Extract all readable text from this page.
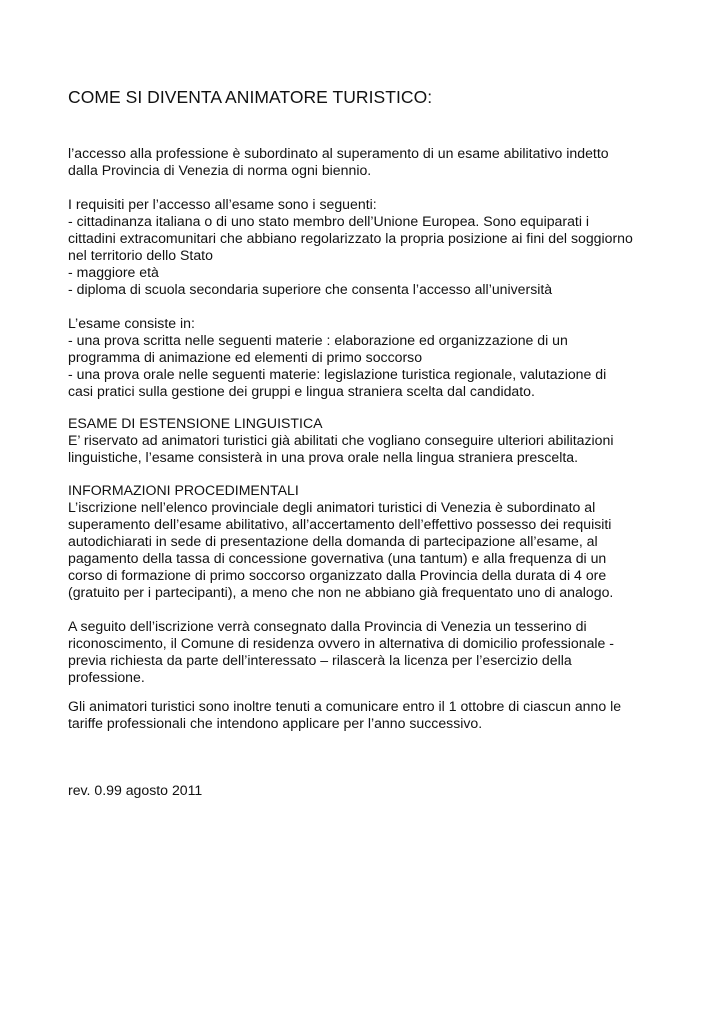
COME SI DIVENTA ANIMATORE TURISTICO:
l’accesso alla professione è subordinato al superamento di un esame abilitativo indetto
dalla Provincia di Venezia di norma ogni biennio.
I requisiti per l’accesso all’esame sono i seguenti:
- cittadinanza italiana o di uno stato membro dell’Unione Europea. Sono equiparati i
cittadini extracomunitari che abbiano regolarizzato la propria posizione ai fini del soggiorno
nel territorio dello Stato
- maggiore età
- diploma di scuola secondaria superiore che consenta l’accesso all’università
L’esame consiste in:
- una prova scritta nelle seguenti materie : elaborazione ed organizzazione di un
programma di animazione ed elementi di primo soccorso
- una prova orale nelle seguenti materie: legislazione turistica regionale, valutazione di
casi pratici sulla gestione dei gruppi e lingua straniera scelta dal candidato.
ESAME DI ESTENSIONE LINGUISTICA
E’ riservato ad animatori turistici già abilitati che vogliano conseguire ulteriori abilitazioni
linguistiche, l’esame consisterà in una prova orale nella lingua straniera prescelta.
INFORMAZIONI PROCEDIMENTALI
L’iscrizione nell’elenco provinciale degli animatori turistici di Venezia è subordinato al
superamento dell’esame abilitativo, all’accertamento dell’effettivo possesso dei requisiti
autodichiarati in sede di presentazione della domanda di partecipazione all’esame, al
pagamento della tassa di concessione governativa (una tantum) e alla frequenza di un
corso di formazione di primo soccorso organizzato dalla Provincia della durata di 4 ore
(gratuito per i partecipanti), a meno che non ne abbiano già frequentato uno di analogo.
A seguito dell’iscrizione verrà consegnato dalla Provincia di Venezia un tesserino di
riconoscimento, il Comune di residenza ovvero in alternativa di domicilio professionale -
previa richiesta da parte dell’interessato – rilascerà la licenza per l’esercizio della
professione.
Gli animatori turistici sono inoltre tenuti a comunicare entro il 1 ottobre di ciascun anno le
tariffe professionali che intendono applicare per l’anno successivo.
rev. 0.99 agosto 2011
